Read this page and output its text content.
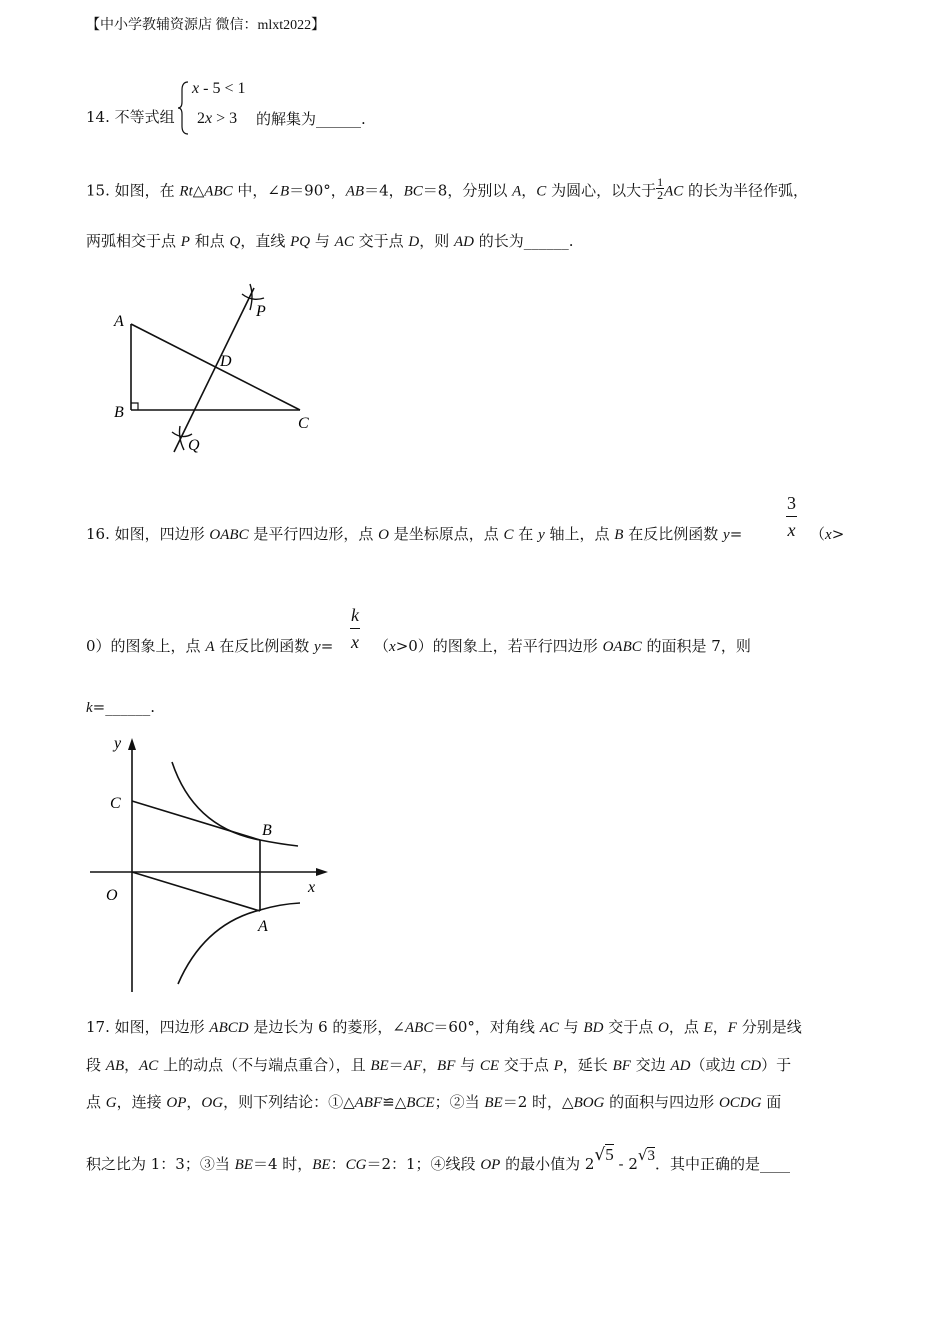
【中小学教辅资源店 微信：mlxt2022】
14. 不等式组
x - 5 < 1
2x > 3 的解集为______.
15. 如图，在 Rt△ABC 中，∠B＝90°，AB＝4，BC＝8，分别以 A，C 为圆心，以大于 $\frac{1}{2}$ AC 的长为半径作弧，
两弧相交于点 P 和点 Q，直线 PQ 与 AC 交于点 D，则 AD 的长为______.
A
B
C
D
P
Q
16. 如图，四边形 OABC 是平行四边形，点 O 是坐标原点，点 C 在 y 轴上，点 B 在反比例函数 $y= \frac{3}{x} (x>$
0）的图象上，点 A 在反比例函数 $y= \frac{k}{x} (x>0)$的图象上，若平行四边形 OABC 的面积是 7，则
k=______.
y
x
O
C
B
A
17. 如图，四边形 ABCD 是边长为 6 的菱形，∠ABC＝60°，对角线 AC 与 BD 交于点 O，点 E，F 分别是线
段 AB，AC 上的动点（不与端点重合），且 BE＝AF，BF 与 CE 交于点 P，延长 BF 交边 AD（或边 CD）于
点 G，连接 OP，OG，则下列结论：①△ABF≌△BCE；②当 BE＝2 时，△BOG 的面积与四边形 OCDG 面
积之比为 1：3；③当 BE＝4 时，BE：CG＝2：1；④线段 OP 的最小值为 2√5 - 2√3．其中正确的是____
